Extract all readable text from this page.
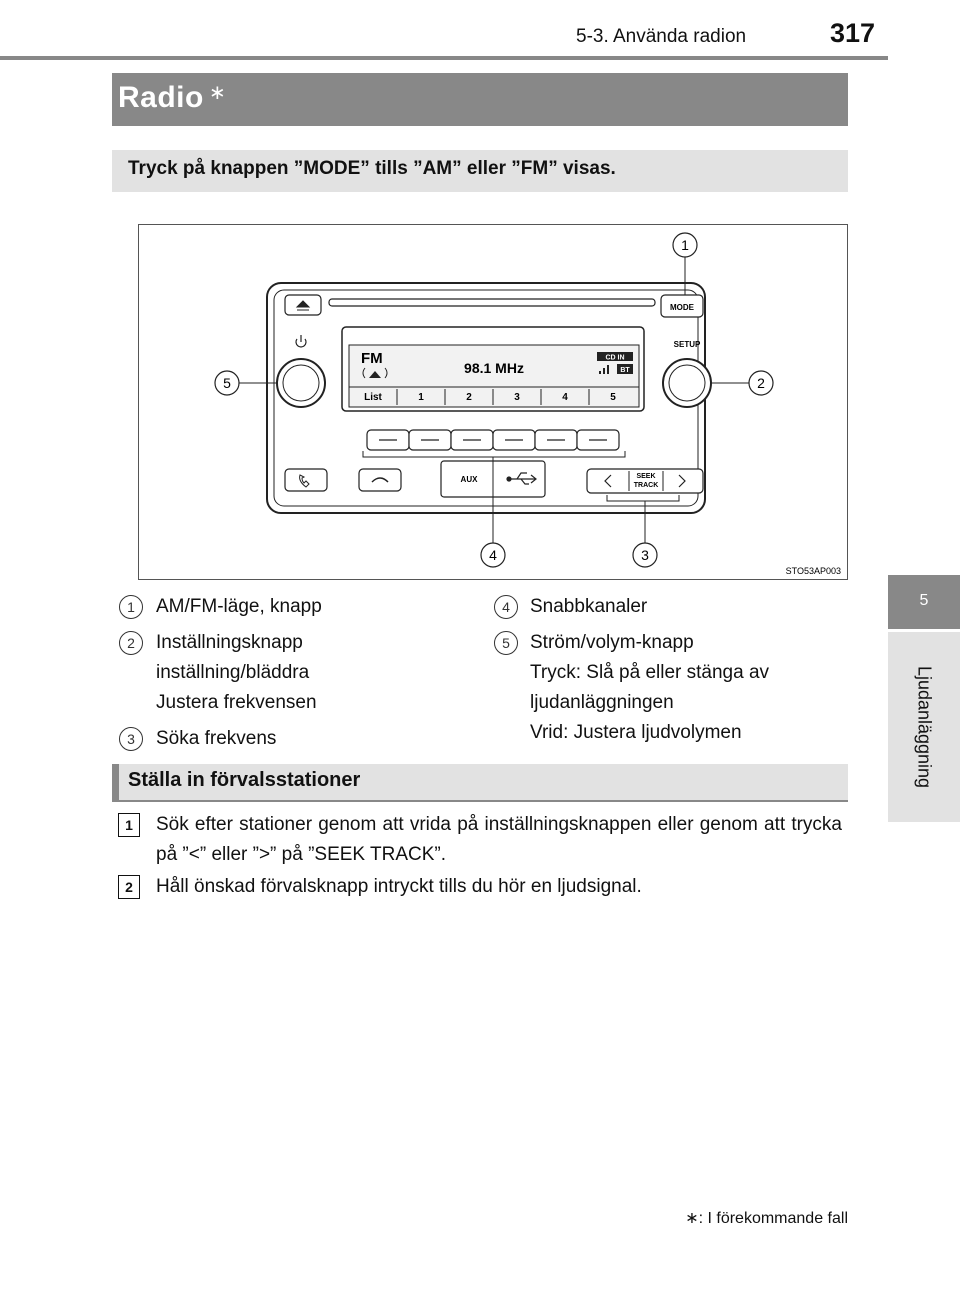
5-3. Använda radion	317
5
Ljudanläggning
Radio ∗
Tryck på knappen ”MODE” tills ”AM” eller ”FM” visas.
MODE
SETUP
FM
98.1 MHz
CD IN
BT
List	1	2	3	4	5
AUX	SEEK
TRACK
1
2
3
4
5
STO53AP003
1	AM/FM-läge, knapp
2	Inställningsknapp
inställning/bläddra
Justera frekvensen
3	Söka frekvens
4	Snabbkanaler
5	Ström/volym-knapp
Tryck: Slå på eller stänga av
ljudanläggningen
Vrid: Justera ljudvolymen
Ställa in förvalsstationer
1	Sök efter stationer genom att vrida på inställningsknappen eller genom att trycka på ”<” eller ”>” på ”SEEK TRACK”.
2	Håll önskad förvalsknapp intryckt tills du hör en ljudsignal.
∗: I förekommande fall
